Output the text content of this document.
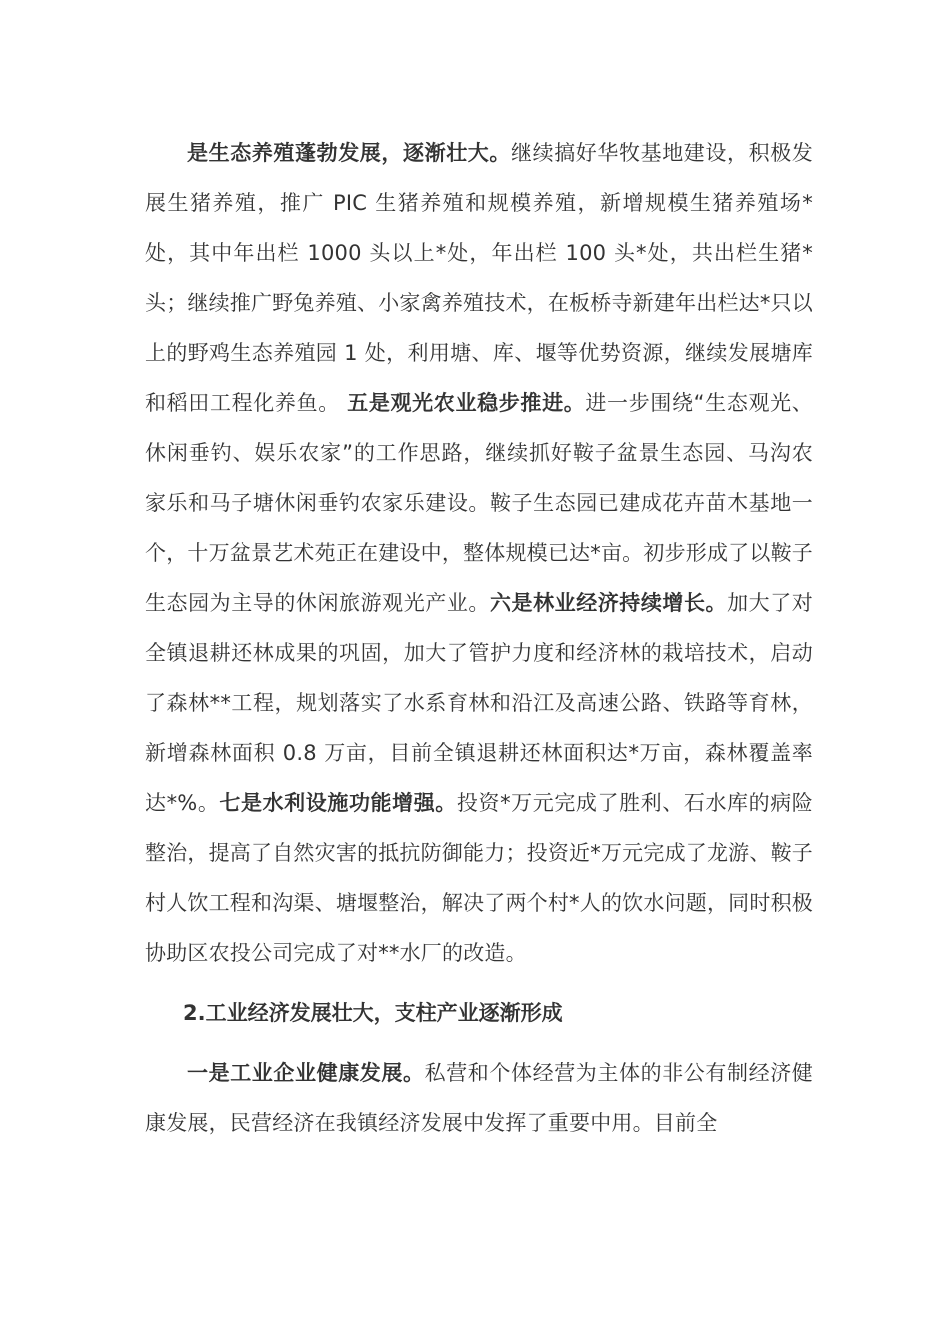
是生态养殖蓬勃发展，逐渐壮大。继续搞好华牧基地建设，积极发展生猪养殖，推广 PIC 生猪养殖和规模养殖，新增规模生猪养殖场*处，其中年出栏 1000 头以上*处，年出栏 100 头*处，共出栏生猪*头；继续推广野兔养殖、小家禽养殖技术，在板桥寺新建年出栏达*只以上的野鸡生态养殖园 1 处，利用塘、库、堰等优势资源，继续发展塘库和稻田工程化养鱼。 五是观光农业稳步推进。进一步围绕“生态观光、休闲垂钓、娱乐农家”的工作思路，继续抓好鞍子盆景生态园、马沟农家乐和马子塘休闲垂钓农家乐建设。鞍子生态园已建成花卉苗木基地一个，十万盆景艺术苑正在建设中，整体规模已达*亩。初步形成了以鞍子生态园为主导的休闲旅游观光产业。六是林业经济持续增长。加大了对全镇退耕还林成果的巩固，加大了管护力度和经济林的栽培技术，启动了森林**工程，规划落实了水系育林和沿江及高速公路、铁路等育林，新增森林面积 0.8 万亩，目前全镇退耕还林面积达*万亩，森林覆盖率达*%。七是水利设施功能增强。投资*万元完成了胜利、石水库的病险整治，提高了自然灾害的抵抗防御能力；投资近*万元完成了龙游、鞍子村人饮工程和沟渠、塘堰整治，解决了两个村*人的饮水问题，同时积极协助区农投公司完成了对**水厂的改造。

2.工业经济发展壮大，支柱产业逐渐形成

一是工业企业健康发展。私营和个体经营为主体的非公有制经济健康发展，民营经济在我镇经济发展中发挥了重要中用。目前全
